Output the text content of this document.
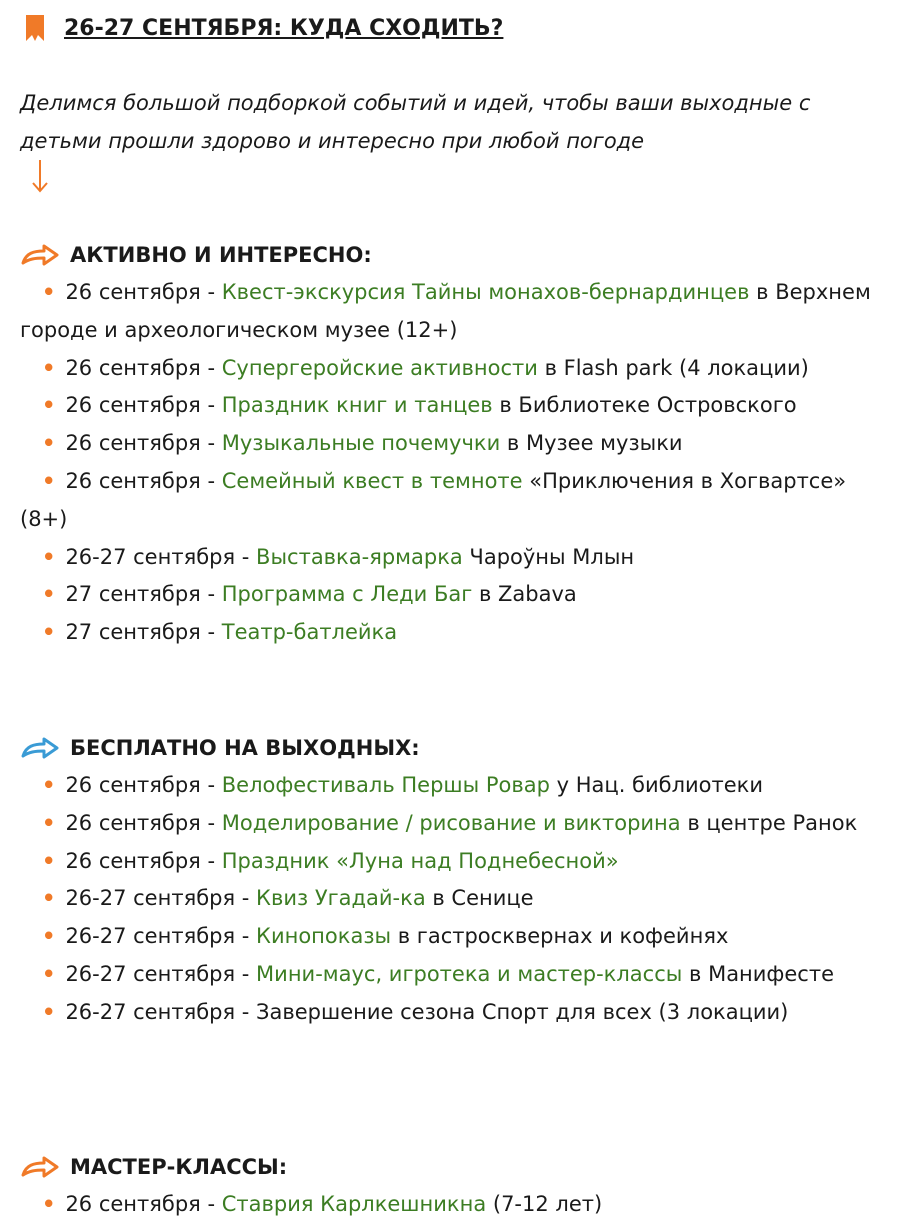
26-27 СЕНТЯБРЯ: КУДА СХОДИТЬ?
Делимся большой подборкой событий и идей, чтобы ваши выходные с детьми прошли здорово и интересно при любой погоде
АКТИВНО И ИНТЕРЕСНО:
• 26 сентября - Квест-экскурсия Тайны монахов-бернардинцев в Верхнем городе и археологическом музее (12+)
• 26 сентября - Супергеройские активности в Flash park (4 локации)
• 26 сентября - Праздник книг и танцев в Библиотеке Островского
• 26 сентября - Музыкальные почемучки в Музее музыки
• 26 сентября - Семейный квест в темноте «Приключения в Хогвартсе» (8+)
• 26-27 сентября - Выставка-ярмарка Чароўны Млын
• 27 сентября - Программа с Леди Баг в Zabava
• 27 сентября - Театр-батлейка
БЕСПЛАТНО НА ВЫХОДНЫХ:
• 26 сентября - Велофестиваль Першы Ровар у Нац. библиотеки
• 26 сентября - Моделирование / рисование и викторина в центре Ранок
• 26 сентября - Праздник «Луна над Поднебесной»
• 26-27 сентября - Квиз Угадай-ка в Сенице
• 26-27 сентября - Кинопоказы в гастросквернах и кофейнях
• 26-27 сентября - Мини-маус, игротека и мастер-классы в Манифесте
• 26-27 сентября - Завершение сезона Спорт для всех (3 локации)
МАСТЕР-КЛАССЫ:
• 26 сентября - Ставрия Карлкешникна (7-12 лет)
